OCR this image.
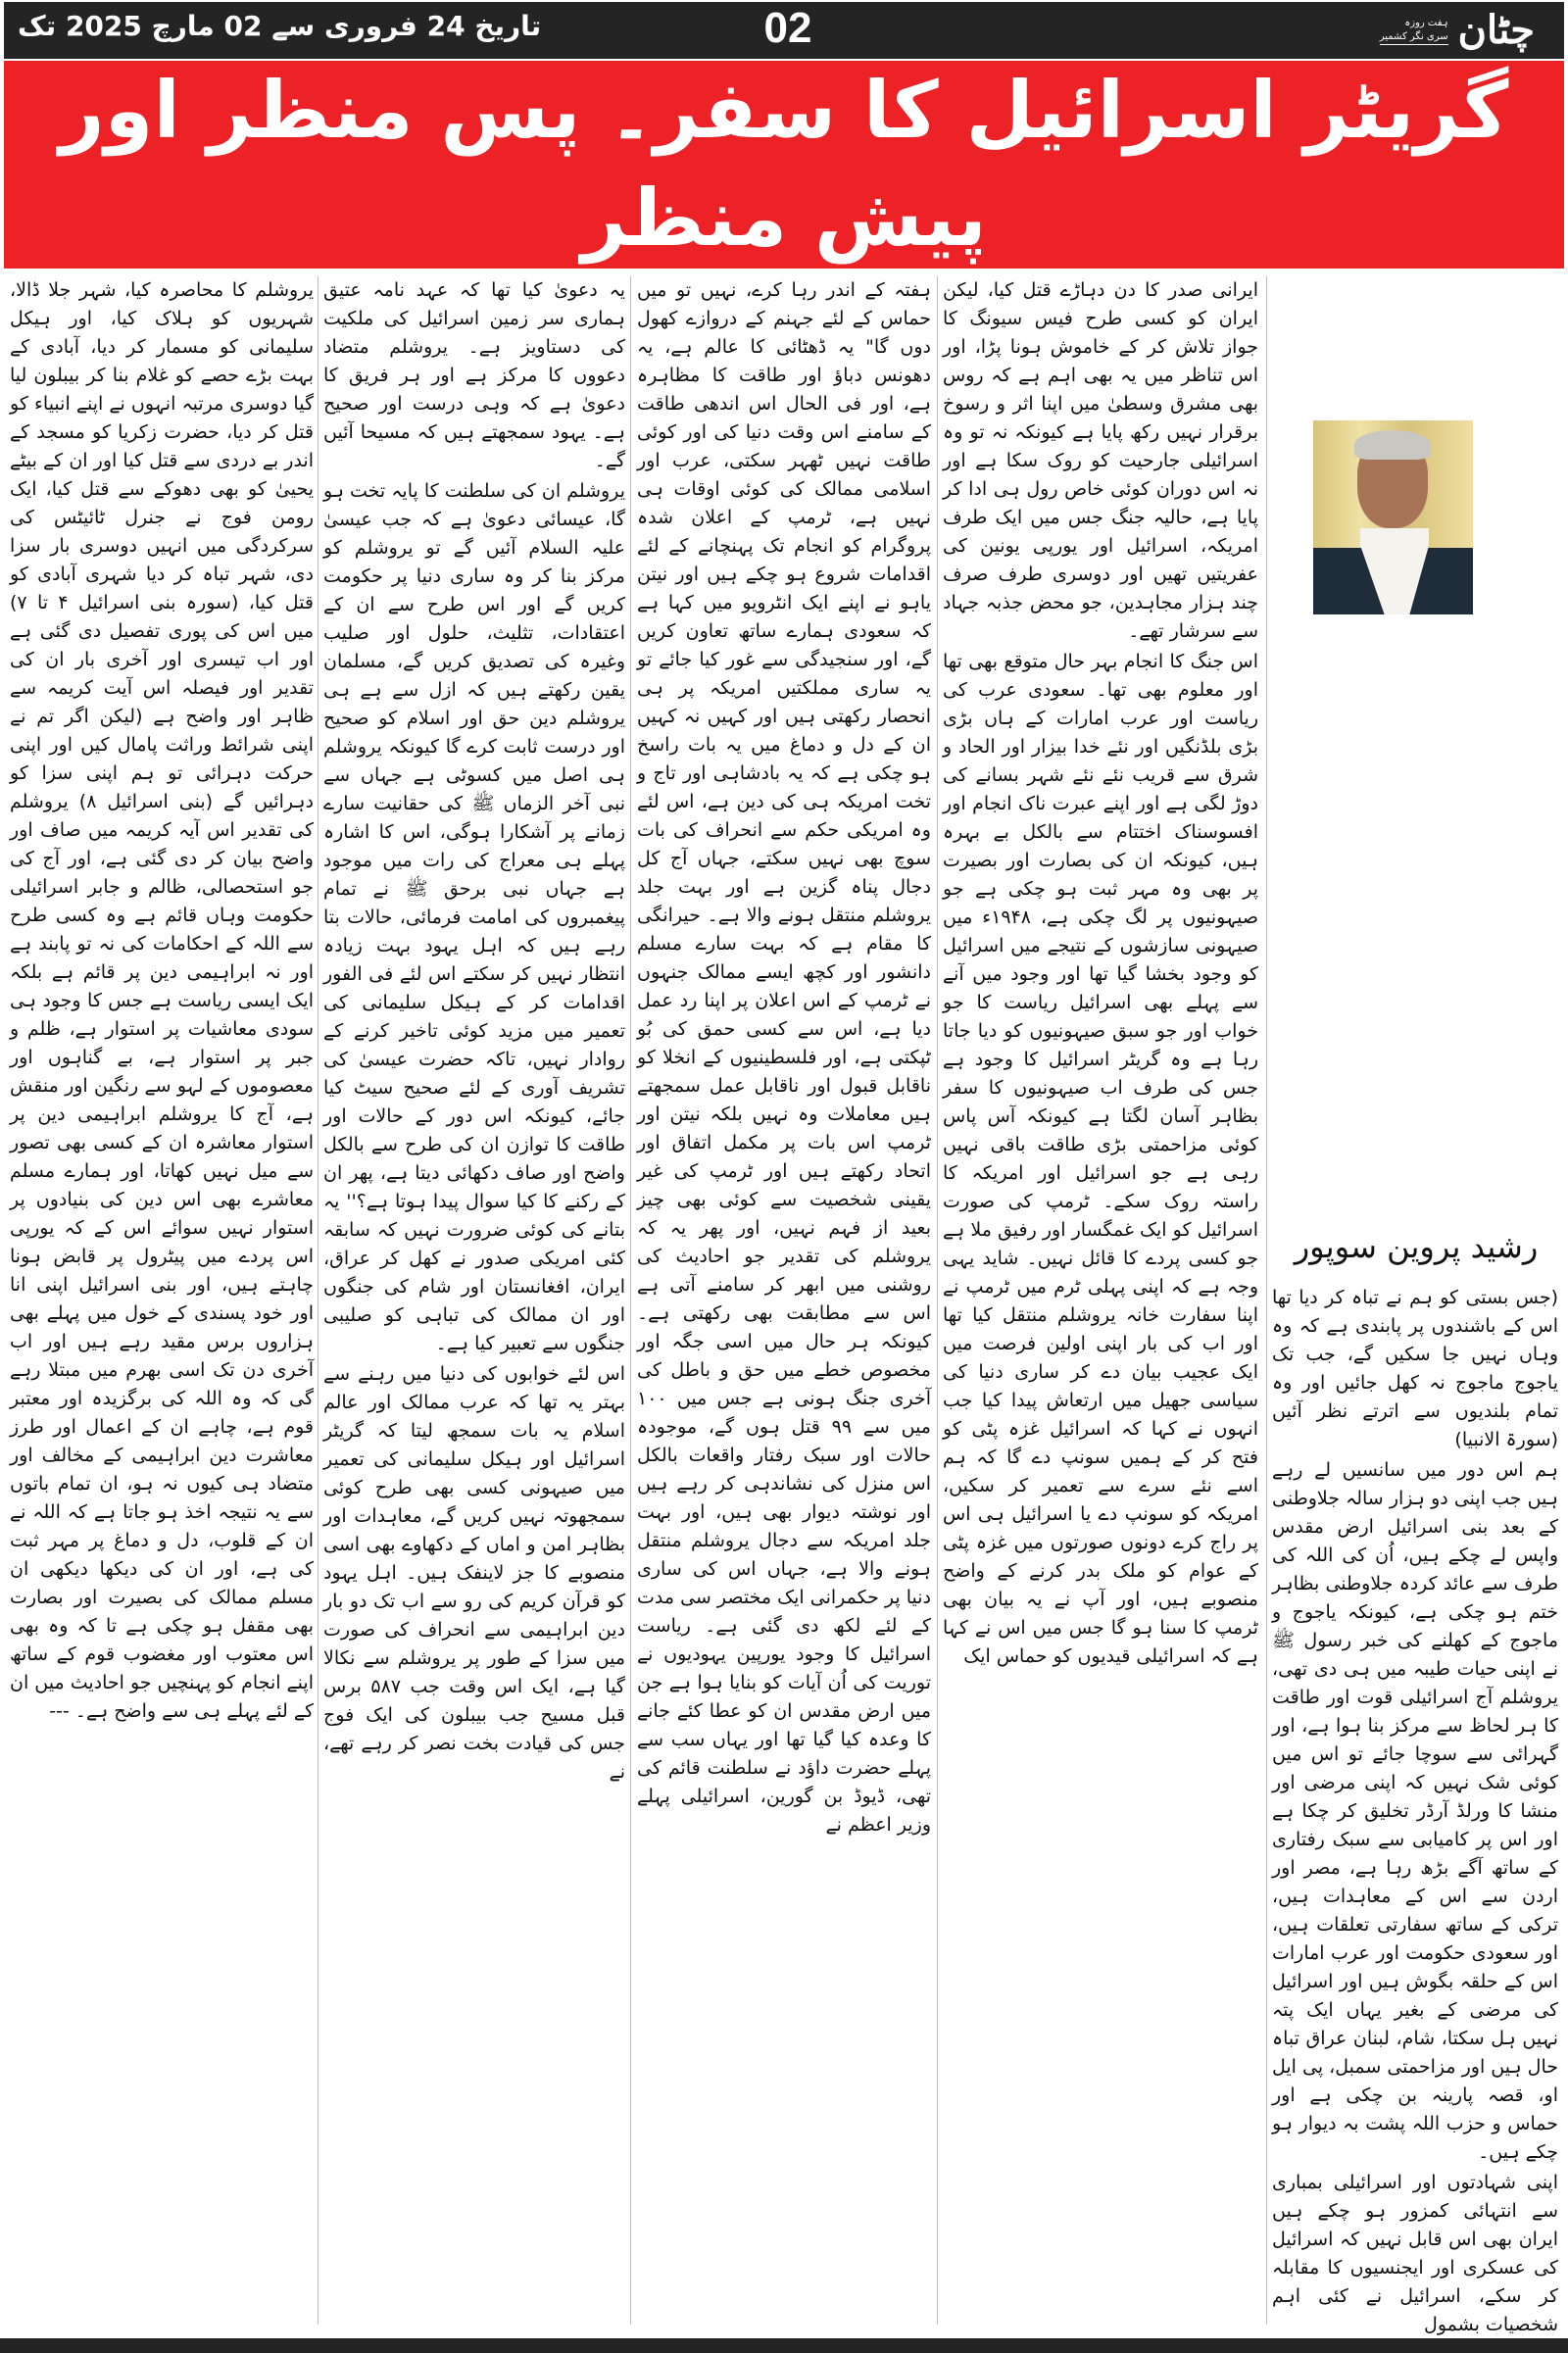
چٹان
ہفت روزہ
سری نگر کشمیر
02
تاریخ 24 فروری سے 02 مارچ 2025 تک
گریٹر اسرائیل کا سفر۔ پس منظر اور پیش منظر
رشید پروین سوپور

(جس بستی کو ہم نے تباہ کر دیا تھا اس کے باشندوں پر پابندی ہے کہ وہ وہاں نہیں جا سکیں گے، جب تک یاجوج ماجوج نہ کھل جائیں اور وہ تمام بلندیوں سے اترتے نظر آئیں (سورۃ الانبیا)

ہم اس دور میں سانسیں لے رہے ہیں جب اپنی دو ہزار سالہ جلاوطنی کے بعد بنی اسرائیل ارض مقدس واپس لے چکے ہیں، اُن کی اللہ کی طرف سے عائد کردہ جلاوطنی بظاہر ختم ہو چکی ہے، کیونکہ یاجوج و ماجوج کے کھلنے کی خبر رسول ﷺ نے اپنی حیات طیبہ میں ہی دی تھی، یروشلم آج اسرائیلی قوت اور طاقت کا ہر لحاظ سے مرکز بنا ہوا ہے، اور گہرائی سے سوچا جائے تو اس میں کوئی شک نہیں کہ اپنی مرضی اور منشا کا ورلڈ آرڈر تخلیق کر چکا ہے اور اس پر کامیابی سے سبک رفتاری کے ساتھ آگے بڑھ رہا ہے، مصر اور اردن سے اس کے معاہدات ہیں، ترکی کے ساتھ سفارتی تعلقات ہیں، اور سعودی حکومت اور عرب امارات اس کے حلقہ بگوش ہیں اور اسرائیل کی مرضی کے بغیر یہاں ایک پتہ نہیں ہل سکتا، شام، لبنان عراق تباہ حال ہیں اور مزاحمتی سمبل، پی ایل او، قصہ پارینہ بن چکی ہے اور حماس و حزب اللہ پشت بہ دیوار ہو چکے ہیں۔

اپنی شہادتوں اور اسرائیلی بمباری سے انتہائی کمزور ہو چکے ہیں ایران بھی اس قابل نہیں کہ اسرائیل کی عسکری اور ایجنسیوں کا مقابلہ کر سکے، اسرائیل نے کئی اہم شخصیات بشمول

ایرانی صدر کا دن دہاڑے قتل کیا، لیکن ایران کو کسی طرح فیس سیونگ کا جواز تلاش کر کے خاموش ہونا پڑا، اور اس تناظر میں یہ بھی اہم ہے کہ روس بھی مشرق وسطیٰ میں اپنا اثر و رسوخ برقرار نہیں رکھ پایا ہے کیونکہ نہ تو وہ اسرائیلی جارحیت کو روک سکا ہے اور نہ اس دوران کوئی خاص رول ہی ادا کر پایا ہے، حالیہ جنگ جس میں ایک طرف امریکہ، اسرائیل اور یورپی یونین کی عفریتیں تھیں اور دوسری طرف صرف چند ہزار مجاہدین، جو محض جذبہ جہاد سے سرشار تھے۔

اس جنگ کا انجام بہر حال متوقع بھی تھا اور معلوم بھی تھا۔ سعودی عرب کی ریاست اور عرب امارات کے ہاں بڑی بڑی بلڈنگیں اور نئے خدا بیزار اور الحاد و شرق سے قریب نئے نئے شہر بسانے کی دوڑ لگی ہے اور اپنے عبرت ناک انجام اور افسوسناک اختتام سے بالکل بے بہرہ ہیں، کیونکہ ان کی بصارت اور بصیرت پر بھی وہ مہر ثبت ہو چکی ہے جو صیہونیوں پر لگ چکی ہے، ۱۹۴۸ء میں صیہونی سازشوں کے نتیجے میں اسرائیل کو وجود بخشا گیا تھا اور وجود میں آنے سے پہلے بھی اسرائیل ریاست کا جو خواب اور جو سبق صیہونیوں کو دیا جاتا رہا ہے وہ گریٹر اسرائیل کا وجود ہے جس کی طرف اب صیہونیوں کا سفر بظاہر آسان لگتا ہے کیونکہ آس پاس کوئی مزاحمتی بڑی طاقت باقی نہیں رہی ہے جو اسرائیل اور امریکہ کا راستہ روک سکے۔ ٹرمپ کی صورت اسرائیل کو ایک غمگسار اور رفیق ملا ہے جو کسی پردے کا قائل نہیں۔ شاید یہی وجہ ہے کہ اپنی پہلی ٹرم میں ٹرمپ نے اپنا سفارت خانہ یروشلم منتقل کیا تھا اور اب کی بار اپنی اولین فرصت میں ایک عجیب بیان دے کر ساری دنیا کی سیاسی جھیل میں ارتعاش پیدا کیا جب انہوں نے کہا کہ اسرائیل غزہ پٹی کو فتح کر کے ہمیں سونپ دے گا کہ ہم اسے نئے سرے سے تعمیر کر سکیں، امریکہ کو سونپ دے یا اسرائیل ہی اس پر راج کرے دونوں صورتوں میں غزہ پٹی کے عوام کو ملک بدر کرنے کے واضح منصوبے ہیں، اور آپ نے یہ بیان بھی ٹرمپ کا سنا ہو گا جس میں اس نے کہا ہے کہ اسرائیلی قیدیوں کو حماس ایک

ہفتہ کے اندر رہا کرے، نہیں تو میں حماس کے لئے جہنم کے دروازے کھول دوں گا" یہ ڈھٹائی کا عالم ہے، یہ دھونس دباؤ اور طاقت کا مظاہرہ ہے، اور فی الحال اس اندھی طاقت کے سامنے اس وقت دنیا کی اور کوئی طاقت نہیں ٹھہر سکتی، عرب اور اسلامی ممالک کی کوئی اوقات ہی نہیں ہے، ٹرمپ کے اعلان شدہ پروگرام کو انجام تک پہنچانے کے لئے اقدامات شروع ہو چکے ہیں اور نیتن یاہو نے اپنے ایک انٹرویو میں کہا ہے کہ سعودی ہمارے ساتھ تعاون کریں گے، اور سنجیدگی سے غور کیا جائے تو یہ ساری مملکتیں امریکہ پر ہی انحصار رکھتی ہیں اور کہیں نہ کہیں ان کے دل و دماغ میں یہ بات راسخ ہو چکی ہے کہ یہ بادشاہی اور تاج و تخت امریکہ ہی کی دین ہے، اس لئے وہ امریکی حکم سے انحراف کی بات سوچ بھی نہیں سکتے، جہاں آج کل دجال پناہ گزین ہے اور بہت جلد یروشلم منتقل ہونے والا ہے۔ حیرانگی کا مقام ہے کہ بہت سارے مسلم دانشور اور کچھ ایسے ممالک جنہوں نے ٹرمپ کے اس اعلان پر اپنا رد عمل دیا ہے، اس سے کسی حمق کی بُو ٹپکتی ہے، اور فلسطینیوں کے انخلا کو ناقابل قبول اور ناقابل عمل سمجھتے ہیں معاملات وہ نہیں بلکہ نیتن اور ٹرمپ اس بات پر مکمل اتفاق اور اتحاد رکھتے ہیں اور ٹرمپ کی غیر یقینی شخصیت سے کوئی بھی چیز بعید از فہم نہیں، اور پھر یہ کہ یروشلم کی تقدیر جو احادیث کی روشنی میں ابھر کر سامنے آتی ہے اس سے مطابقت بھی رکھتی ہے۔ کیونکہ ہر حال میں اسی جگہ اور مخصوص خطے میں حق و باطل کی آخری جنگ ہونی ہے جس میں ۱۰۰ میں سے ۹۹ قتل ہوں گے، موجودہ حالات اور سبک رفتار واقعات بالکل اس منزل کی نشاندہی کر رہے ہیں اور نوشتہ دیوار بھی ہیں، اور بہت جلد امریکہ سے دجال یروشلم منتقل ہونے والا ہے، جہاں اس کی ساری دنیا پر حکمرانی ایک مختصر سی مدت کے لئے لکھ دی گئی ہے۔ ریاست اسرائیل کا وجود یورپین یہودیوں نے توریت کی اُن آیات کو بنایا ہوا ہے جن میں ارض مقدس ان کو عطا کئے جانے کا وعدہ کیا گیا تھا اور یہاں سب سے پہلے حضرت داؤد نے سلطنت قائم کی تھی، ڈیوڈ بن گورین، اسرائیلی پہلے وزیر اعظم نے

یہ دعویٰ کیا تھا کہ عہد نامہ عتیق ہماری سر زمین اسرائیل کی ملکیت کی دستاویز ہے۔ یروشلم متضاد دعووں کا مرکز ہے اور ہر فریق کا دعویٰ ہے کہ وہی درست اور صحیح ہے۔ یہود سمجھتے ہیں کہ مسیحا آئیں گے۔

یروشلم ان کی سلطنت کا پایہ تخت ہو گا، عیسائی دعویٰ ہے کہ جب عیسیٰ علیہ السلام آئیں گے تو یروشلم کو مرکز بنا کر وہ ساری دنیا پر حکومت کریں گے اور اس طرح سے ان کے اعتقادات، تثلیث، حلول اور صلیب وغیرہ کی تصدیق کریں گے، مسلمان یقین رکھتے ہیں کہ ازل سے ہے ہی یروشلم دین حق اور اسلام کو صحیح اور درست ثابت کرے گا کیونکہ یروشلم ہی اصل میں کسوٹی ہے جہاں سے نبی آخر الزماں ﷺ کی حقانیت سارے زمانے پر آشکارا ہوگی، اس کا اشارہ پہلے ہی معراج کی رات میں موجود ہے جہاں نبی برحق ﷺ نے تمام پیغمبروں کی امامت فرمائی، حالات بتا رہے ہیں کہ اہل یہود بہت زیادہ انتظار نہیں کر سکتے اس لئے فی الفور اقدامات کر کے ہیکل سلیمانی کی تعمیر میں مزید کوئی تاخیر کرنے کے روادار نہیں، تاکہ حضرت عیسیٰ کی تشریف آوری کے لئے صحیح سیٹ کیا جائے، کیونکہ اس دور کے حالات اور طاقت کا توازن ان کی طرح سے بالکل واضح اور صاف دکھائی دیتا ہے، پھر ان کے رکنے کا کیا سوال پیدا ہوتا ہے؟'' یہ بتانے کی کوئی ضرورت نہیں کہ سابقہ کئی امریکی صدور نے کھل کر عراق، ایران، افغانستان اور شام کی جنگوں اور ان ممالک کی تباہی کو صلیبی جنگوں سے تعبیر کیا ہے۔

اس لئے خوابوں کی دنیا میں رہنے سے بہتر یہ تھا کہ عرب ممالک اور عالم اسلام یہ بات سمجھ لیتا کہ گریٹر اسرائیل اور ہیکل سلیمانی کی تعمیر میں صیہونی کسی بھی طرح کوئی سمجھوتہ نہیں کریں گے، معاہدات اور بظاہر امن و اماں کے دکھاوے بھی اسی منصوبے کا جز لاینفک ہیں۔ اہل یہود کو قرآن کریم کی رو سے اب تک دو بار دین ابراہیمی سے انحراف کی صورت میں سزا کے طور پر یروشلم سے نکالا گیا ہے، ایک اس وقت جب ۵۸۷ برس قبل مسیح جب بیبلون کی ایک فوج جس کی قیادت بخت نصر کر رہے تھے، نے

یروشلم کا محاصرہ کیا، شہر جلا ڈالا، شہریوں کو ہلاک کیا، اور ہیکل سلیمانی کو مسمار کر دیا، آبادی کے بہت بڑے حصے کو غلام بنا کر بیبلون لیا گیا دوسری مرتبہ انہوں نے اپنے انبیاء کو قتل کر دیا، حضرت زکریا کو مسجد کے اندر بے دردی سے قتل کیا اور ان کے بیٹے یحییٰ کو بھی دھوکے سے قتل کیا، ایک رومن فوج نے جنرل ٹائیٹس کی سرکردگی میں انہیں دوسری بار سزا دی، شہر تباہ کر دیا شہری آبادی کو قتل کیا، (سورہ بنی اسرائیل ۴ تا ۷) میں اس کی پوری تفصیل دی گئی ہے اور اب تیسری اور آخری بار ان کی تقدیر اور فیصلہ اس آیت کریمہ سے ظاہر اور واضح ہے (لیکن اگر تم نے اپنی شرائط وراثت پامال کیں اور اپنی حرکت دہرائی تو ہم اپنی سزا کو دہرائیں گے (بنی اسرائیل ۸) یروشلم کی تقدیر اس آیہ کریمہ میں صاف اور واضح بیان کر دی گئی ہے، اور آج کی جو استحصالی، ظالم و جابر اسرائیلی حکومت وہاں قائم ہے وہ کسی طرح سے اللہ کے احکامات کی نہ تو پابند ہے اور نہ ابراہیمی دین پر قائم ہے بلکہ ایک ایسی ریاست ہے جس کا وجود ہی سودی معاشیات پر استوار ہے، ظلم و جبر پر استوار ہے، بے گناہوں اور معصوموں کے لہو سے رنگین اور منقش ہے، آج کا یروشلم ابراہیمی دین پر استوار معاشرہ ان کے کسی بھی تصور سے میل نہیں کھاتا، اور ہمارے مسلم معاشرے بھی اس دین کی بنیادوں پر استوار نہیں سوائے اس کے کہ یورپی اس پردے میں پیٹرول پر قابض ہونا چاہتے ہیں، اور بنی اسرائیل اپنی انا اور خود پسندی کے خول میں پہلے بھی ہزاروں برس مقید رہے ہیں اور اب آخری دن تک اسی بھرم میں مبتلا رہے گی کہ وہ اللہ کی برگزیدہ اور معتبر قوم ہے، چاہے ان کے اعمال اور طرز معاشرت دین ابراہیمی کے مخالف اور متضاد ہی کیوں نہ ہو، ان تمام باتوں سے یہ نتیجہ اخذ ہو جاتا ہے کہ اللہ نے ان کے قلوب، دل و دماغ پر مہر ثبت کی ہے، اور ان کی دیکھا دیکھی ان مسلم ممالک کی بصیرت اور بصارت بھی مقفل ہو چکی ہے تا کہ وہ بھی اس معتوب اور مغضوب قوم کے ساتھ اپنے انجام کو پہنچیں جو احادیث میں ان کے لئے پہلے ہی سے واضح ہے۔ ---
